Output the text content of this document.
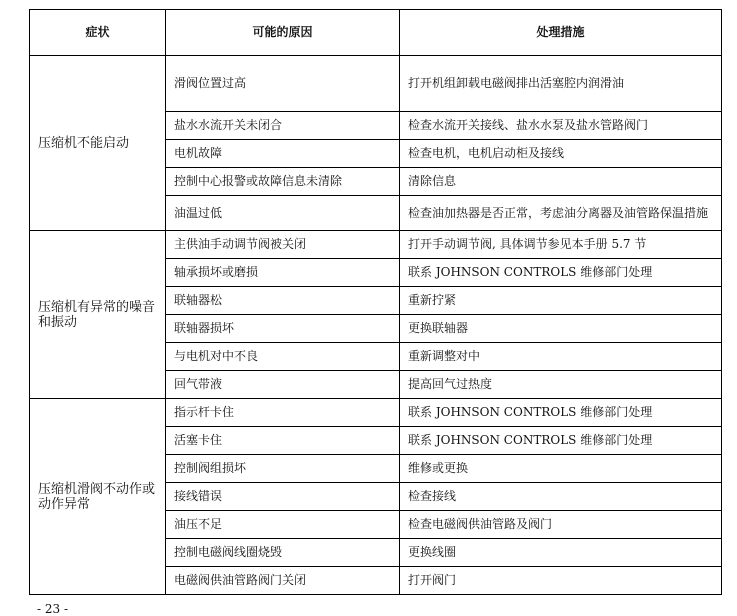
症状	可能的原因	处理措施
压缩机不能启动	滑阀位置过高	打开机组卸载电磁阀排出活塞腔内润滑油
	盐水水流开关未闭合	检查水流开关接线、盐水水泵及盐水管路阀门
	电机故障	检查电机，电机启动柜及接线
	控制中心报警或故障信息未清除	清除信息
	油温过低	检查油加热器是否正常，考虑油分离器及油管路保温措施
压缩机有异常的噪音和振动	主供油手动调节阀被关闭	打开手动调节阀, 具体调节参见本手册 5.7 节
	轴承损坏或磨损	联系 JOHNSON CONTROLS 维修部门处理
	联轴器松	重新拧紧
	联轴器损坏	更换联轴器
	与电机对中不良	重新调整对中
	回气带液	提高回气过热度
压缩机滑阀不动作或动作异常	指示杆卡住	联系 JOHNSON CONTROLS 维修部门处理
	活塞卡住	联系 JOHNSON CONTROLS 维修部门处理
	控制阀组损坏	维修或更换
	接线错误	检查接线
	油压不足	检查电磁阀供油管路及阀门
	控制电磁阀线圈烧毁	更换线圈
	电磁阀供油管路阀门关闭	打开阀门
- 23 -
